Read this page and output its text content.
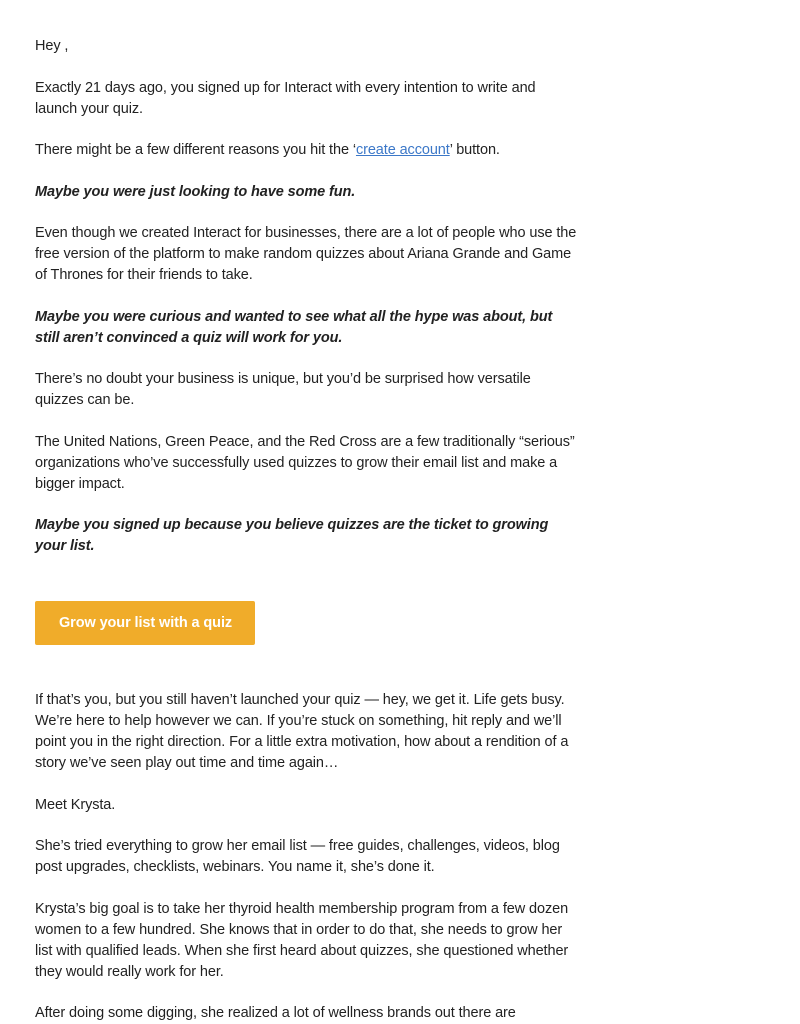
Hey ,

Exactly 21 days ago, you signed up for Interact with every intention to write and launch your quiz.

There might be a few different reasons you hit the ‘create account’ button.

Maybe you were just looking to have some fun.

Even though we created Interact for businesses, there are a lot of people who use the free version of the platform to make random quizzes about Ariana Grande and Game of Thrones for their friends to take.

Maybe you were curious and wanted to see what all the hype was about, but still aren’t convinced a quiz will work for you.

There’s no doubt your business is unique, but you’d be surprised how versatile quizzes can be.

The United Nations, Green Peace, and the Red Cross are a few traditionally “serious” organizations who’ve successfully used quizzes to grow their email list and make a bigger impact.

Maybe you signed up because you believe quizzes are the ticket to growing your list.

Grow your list with a quiz

If that’s you, but you still haven’t launched your quiz — hey, we get it. Life gets busy. We’re here to help however we can. If you’re stuck on something, hit reply and we’ll point you in the right direction. For a little extra motivation, how about a rendition of a story we’ve seen play out time and time again…

Meet Krysta.

She’s tried everything to grow her email list — free guides, challenges, videos, blog post upgrades, checklists, webinars. You name it, she’s done it.

Krysta’s big goal is to take her thyroid health membership program from a few dozen women to a few hundred. She knows that in order to do that, she needs to grow her list with qualified leads. When she first heard about quizzes, she questioned whether they would really work for her.

After doing some digging, she realized a lot of wellness brands out there are
